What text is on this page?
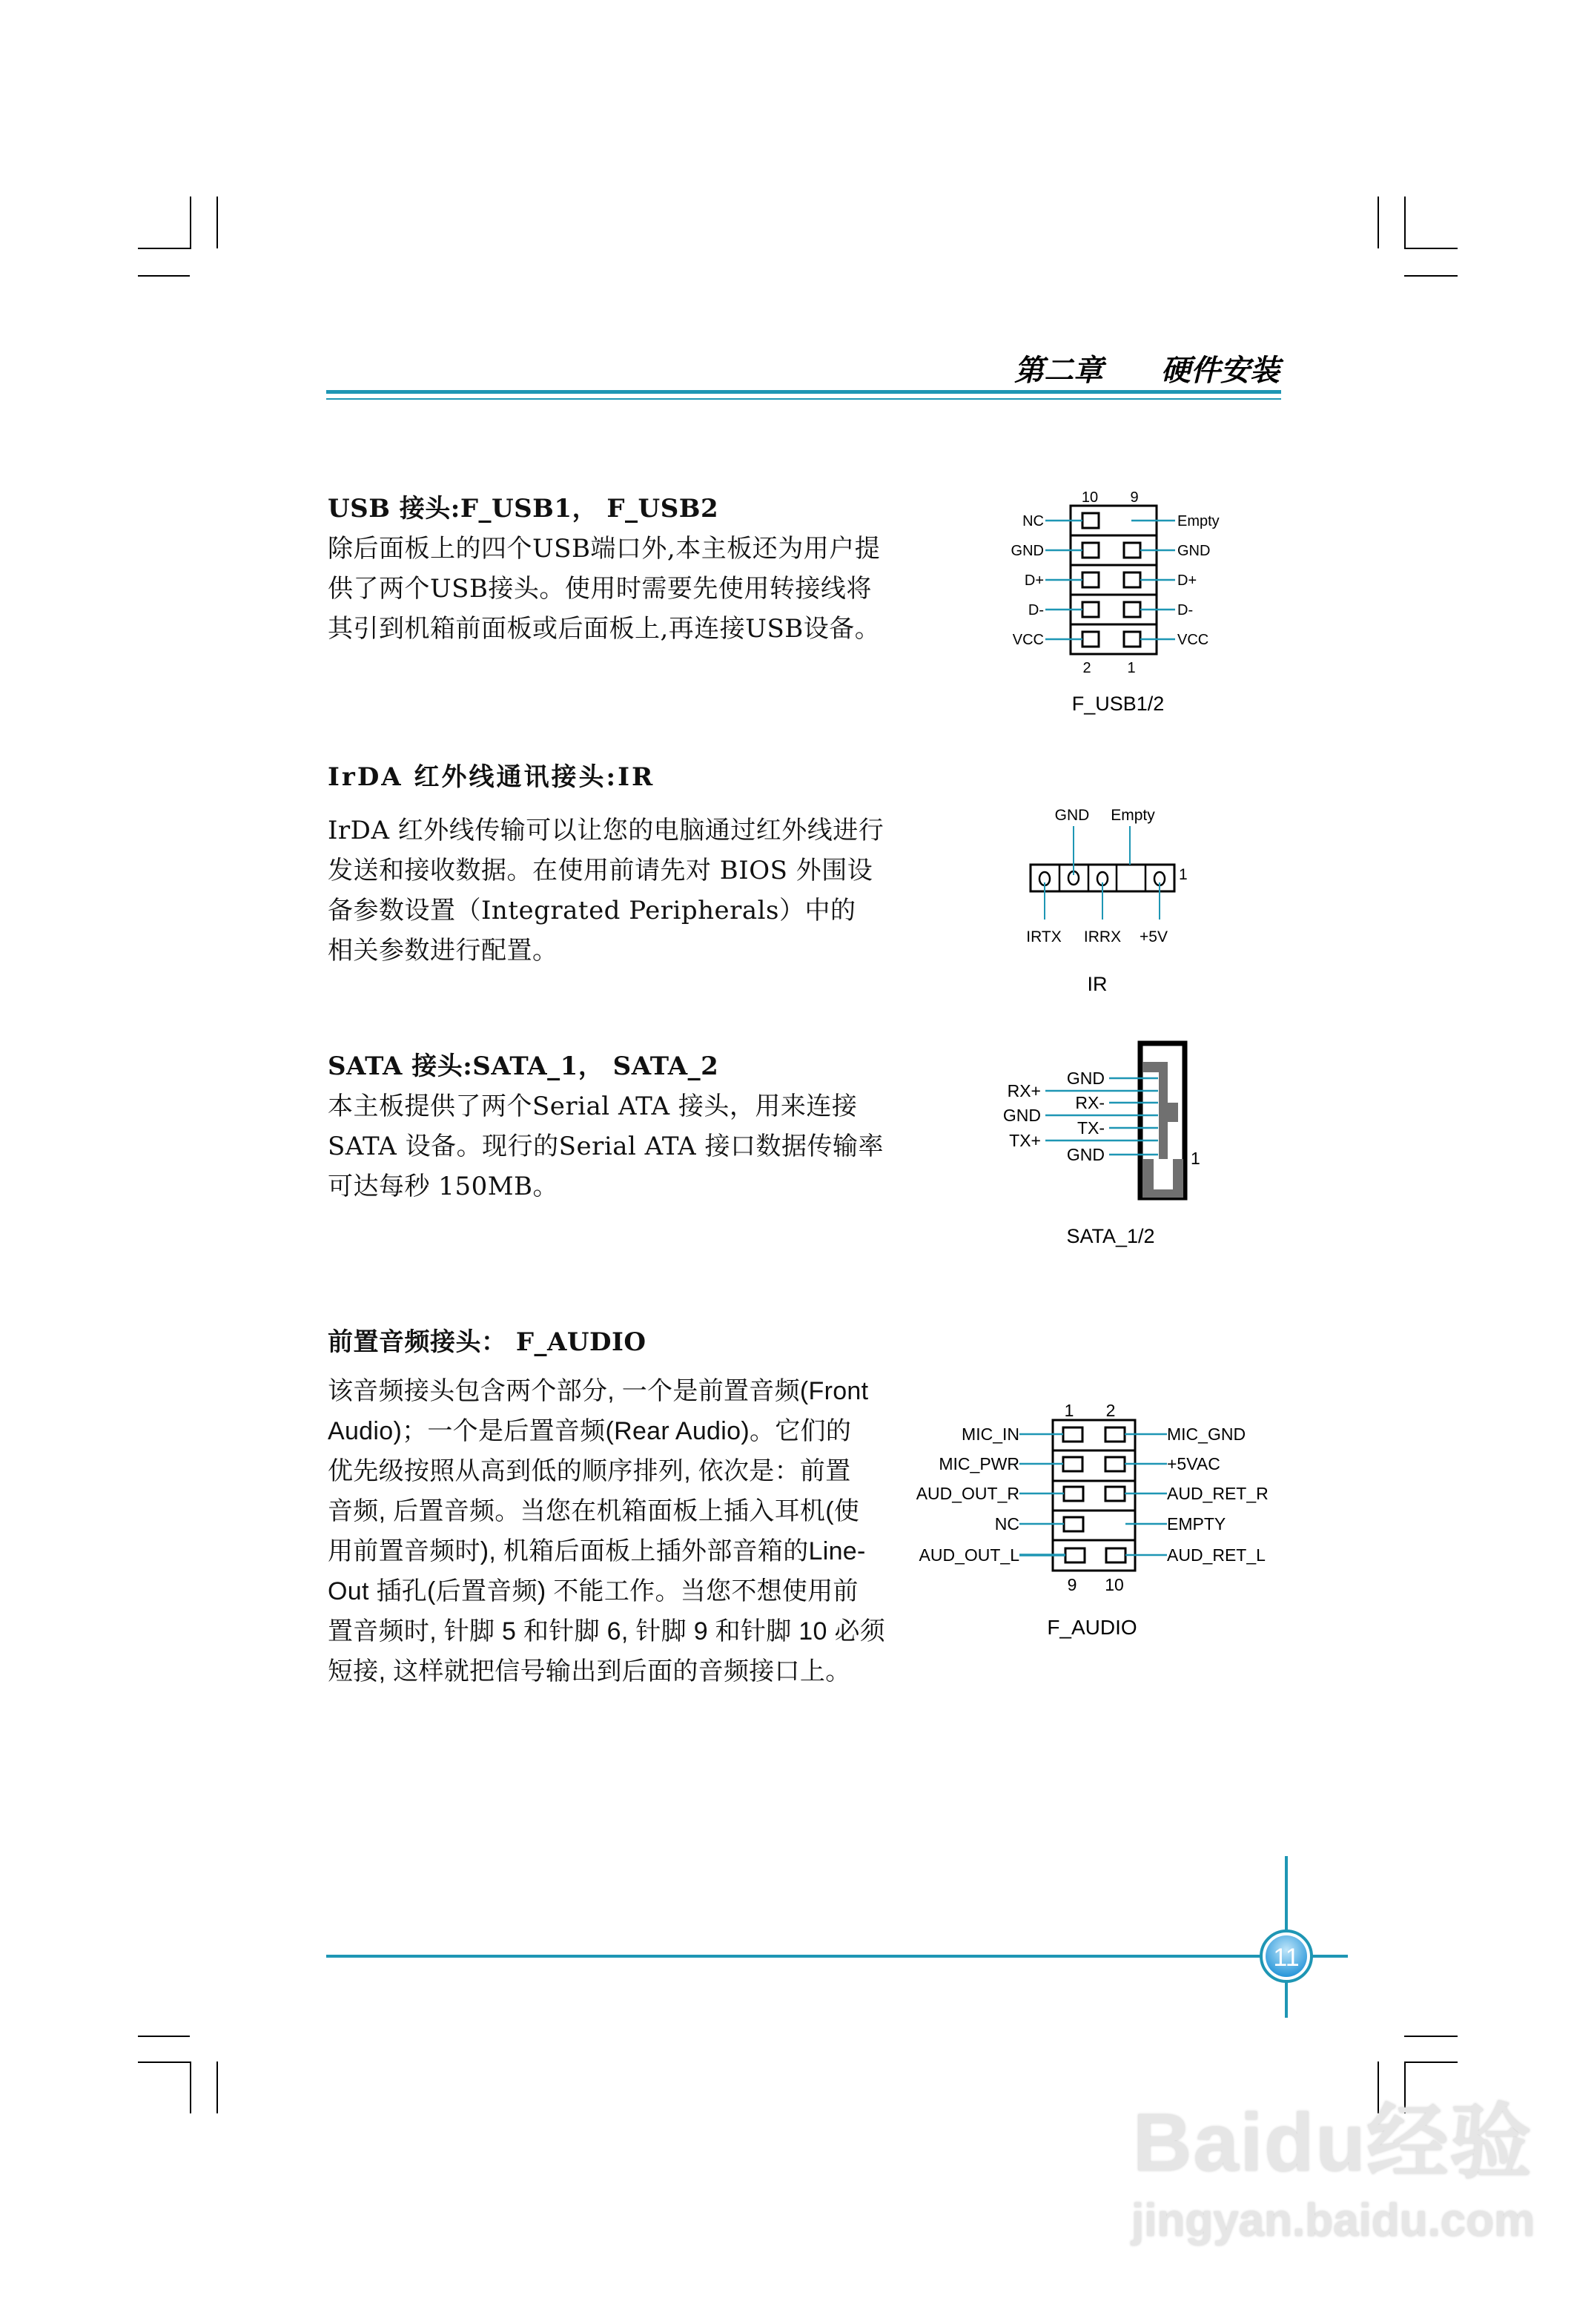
第二章 硬件安装
USB 接头:F_USB1， F_USB2
除后面板上的四个USB端口外,本主板还为用户提
供了两个USB接头。使用时需要先使用转接线将
其引到机箱前面板或后面板上,再连接USB设备。
IrDA 红外线通讯接头:IR
IrDA 红外线传输可以让您的电脑通过红外线进行
发送和接收数据。在使用前请先对 BIOS 外围设
备参数设置（Integrated Peripherals）中的
相关参数进行配置。
SATA 接头:SATA_1， SATA_2
本主板提供了两个Serial ATA 接头，用来连接
SATA 设备。现行的Serial ATA 接口数据传输率
可达每秒 150MB。
前置音频接头： F_AUDIO
该音频接头包含两个部分, 一个是前置音频(Front
Audio)；一个是后置音频(Rear Audio)。它们的
优先级按照从高到低的顺序排列, 依次是：前置
音频, 后置音频。当您在机箱面板上插入耳机(使
用前置音频时), 机箱后面板上插外部音箱的Line-
Out 插孔(后置音频) 不能工作。当您不想使用前
置音频时, 针脚 5 和针脚 6, 针脚 9 和针脚 10 必须
短接, 这样就把信号输出到后面的音频接口上。
10 9
2 1
NC
GND
D+
D-
VCC
Empty
GND
D+
D-
VCC
F_USB1/2
GND Empty
IRTX IRRX +5V
1
IR
GND
RX-
TX-
GND
RX+
GND
TX+
1
SATA_1/2
1 2
9 10
MIC_IN
MIC_PWR
AUD_OUT_R
NC
AUD_OUT_L
MIC_GND
+5VAC
AUD_RET_R
EMPTY
AUD_RET_L
F_AUDIO
11
Baidu经验
jingyan.baidu.com
